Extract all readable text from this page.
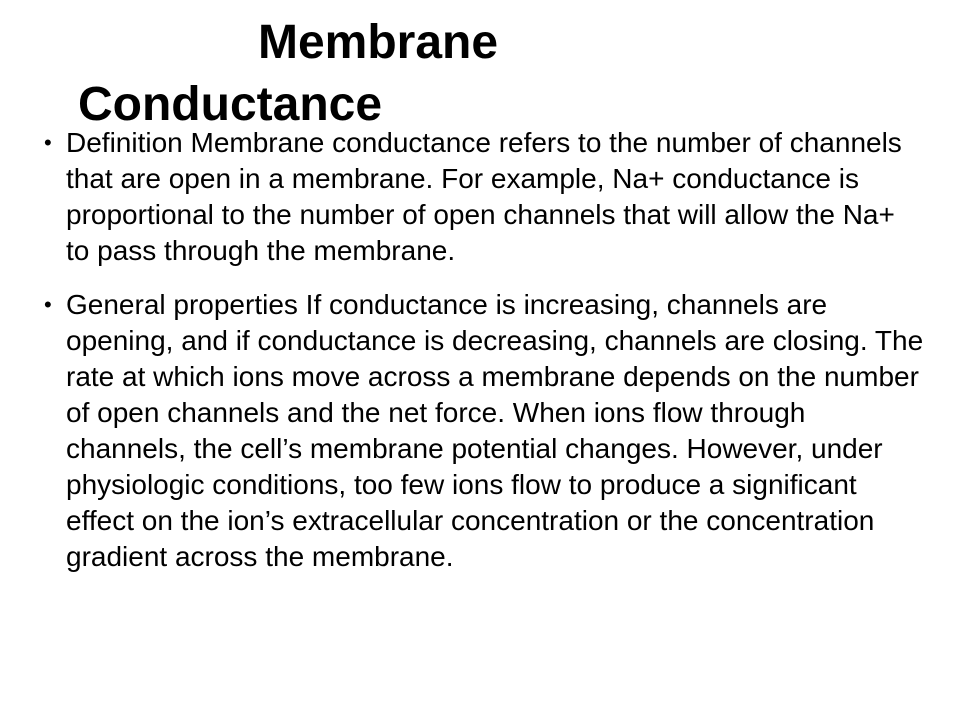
Membrane
Conductance
• Definition Membrane conductance refers to the number of channels that are open in a membrane. For example, Na+ conductance is proportional to the number of open channels that will allow the Na+ to pass through the membrane.
• General properties If conductance is increasing, channels are opening, and if conductance is decreasing, channels are closing. The rate at which ions move across a membrane depends on the number of open channels and the net force. When ions flow through channels, the cell’s membrane potential changes. However, under physiologic conditions, too few ions flow to produce a significant effect on the ion’s extracellular concentration or the concentration gradient across the membrane.
